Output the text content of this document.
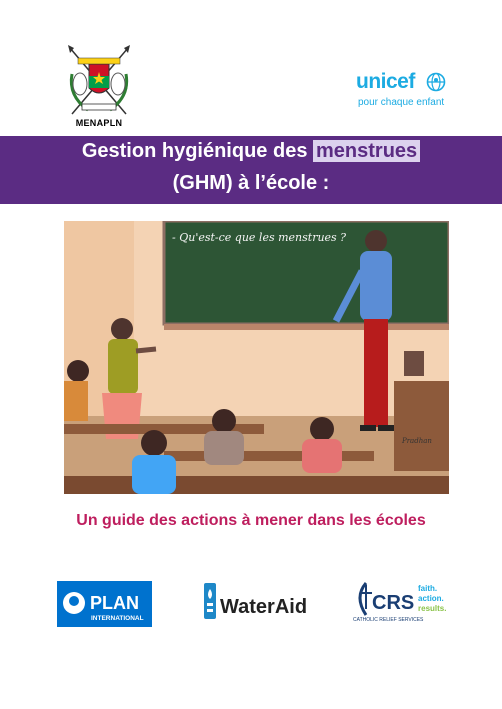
MENAPLN
unicef
pour chaque enfant
Gestion hygiénique des menstrues
(GHM) à l’école :
- Qu'est-ce que les menstrues ?
Pradhan
Un guide des actions à mener dans les écoles
PLAN
INTERNATIONAL
WaterAid	CRS
faith.
action.
results.
CATHOLIC RELIEF SERVICES
